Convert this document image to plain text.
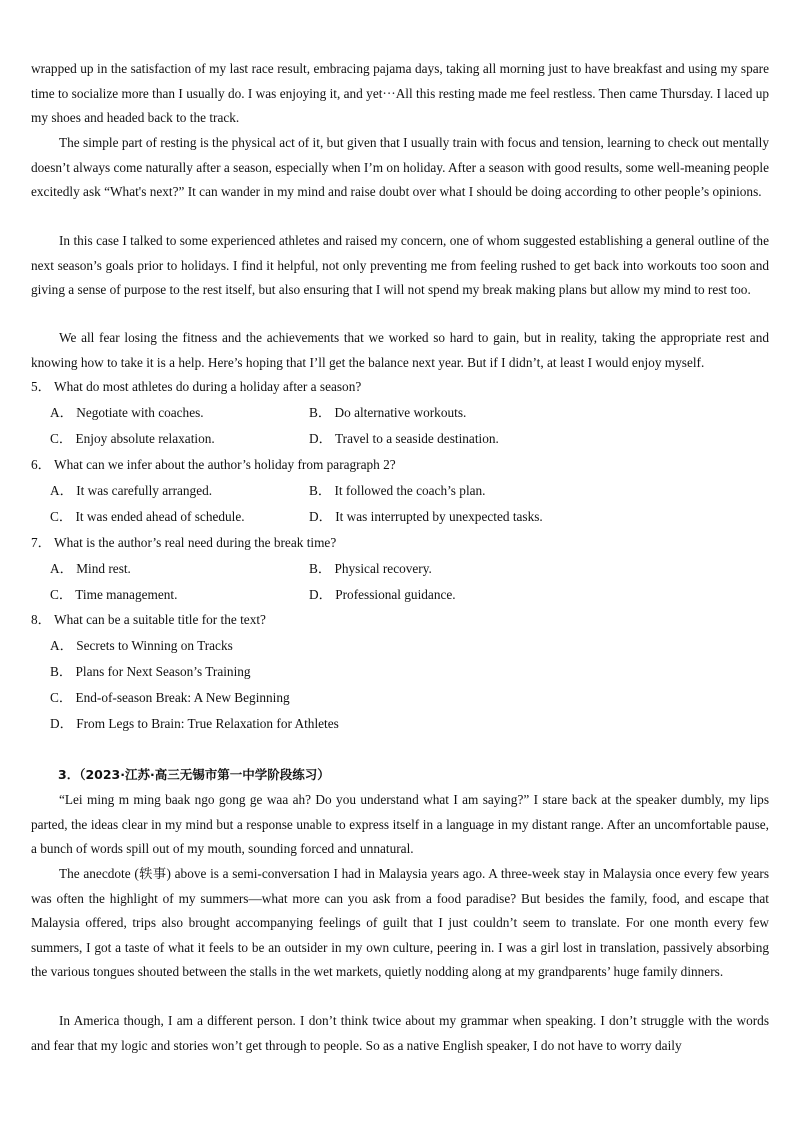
wrapped up in the satisfaction of my last race result, embracing pajama days, taking all morning just to have breakfast and using my spare time to socialize more than I usually do. I was enjoying it, and yet···All this resting made me feel restless. Then came Thursday. I laced up my shoes and headed back to the track.

The simple part of resting is the physical act of it, but given that I usually train with focus and tension, learning to check out mentally doesn’t always come naturally after a season, especially when I’m on holiday. After a season with good results, some well-meaning people excitedly ask “What's next?” It can wander in my mind and raise doubt over what I should be doing according to other people’s opinions.

In this case I talked to some experienced athletes and raised my concern, one of whom suggested establishing a general outline of the next season’s goals prior to holidays. I find it helpful, not only preventing me from feeling rushed to get back into workouts too soon and giving a sense of purpose to the rest itself, but also ensuring that I will not spend my break making plans but allow my mind to rest too.

We all fear losing the fitness and the achievements that we worked so hard to gain, but in reality, taking the appropriate rest and knowing how to take it is a help. Here’s hoping that I’ll get the balance next year. But if I didn’t, at least I would enjoy myself.

5． What do most athletes do during a holiday after a season?
A． Negotiate with coaches.	B． Do alternative workouts.
C． Enjoy absolute relaxation.	D． Travel to a seaside destination.
6． What can we infer about the author’s holiday from paragraph 2?
A． It was carefully arranged.	B． It followed the coach’s plan.
C． It was ended ahead of schedule.	D． It was interrupted by unexpected tasks.
7． What is the author’s real need during the break time?
A． Mind rest.	B． Physical recovery.
C． Time management.	D． Professional guidance.
8． What can be a suitable title for the text?
A． Secrets to Winning on Tracks
B． Plans for Next Season’s Training
C． End-of-season Break: A New Beginning
D． From Legs to Brain: True Relaxation for Athletes
3．（2023·江苏·高三无锡市第一中学阶段练习）

“Lei ming m ming baak ngo gong ge waa ah? Do you understand what I am saying?” I stare back at the speaker dumbly, my lips parted, the ideas clear in my mind but a response unable to express itself in a language in my distant range. After an uncomfortable pause, a bunch of words spill out of my mouth, sounding forced and unnatural.

The anecdote (轶事) above is a semi-conversation I had in Malaysia years ago. A three-week stay in Malaysia once every few years was often the highlight of my summers—what more can you ask from a food paradise? But besides the family, food, and escape that Malaysia offered, trips also brought accompanying feelings of guilt that I just couldn’t seem to translate. For one month every few summers, I got a taste of what it feels to be an outsider in my own culture, peering in. I was a girl lost in translation, passively absorbing the various tongues shouted between the stalls in the wet markets, quietly nodding along at my grandparents’ huge family dinners.

In America though, I am a different person. I don’t think twice about my grammar when speaking. I don’t struggle with the words and fear that my logic and stories won’t get through to people. So as a native English speaker, I do not have to worry daily
